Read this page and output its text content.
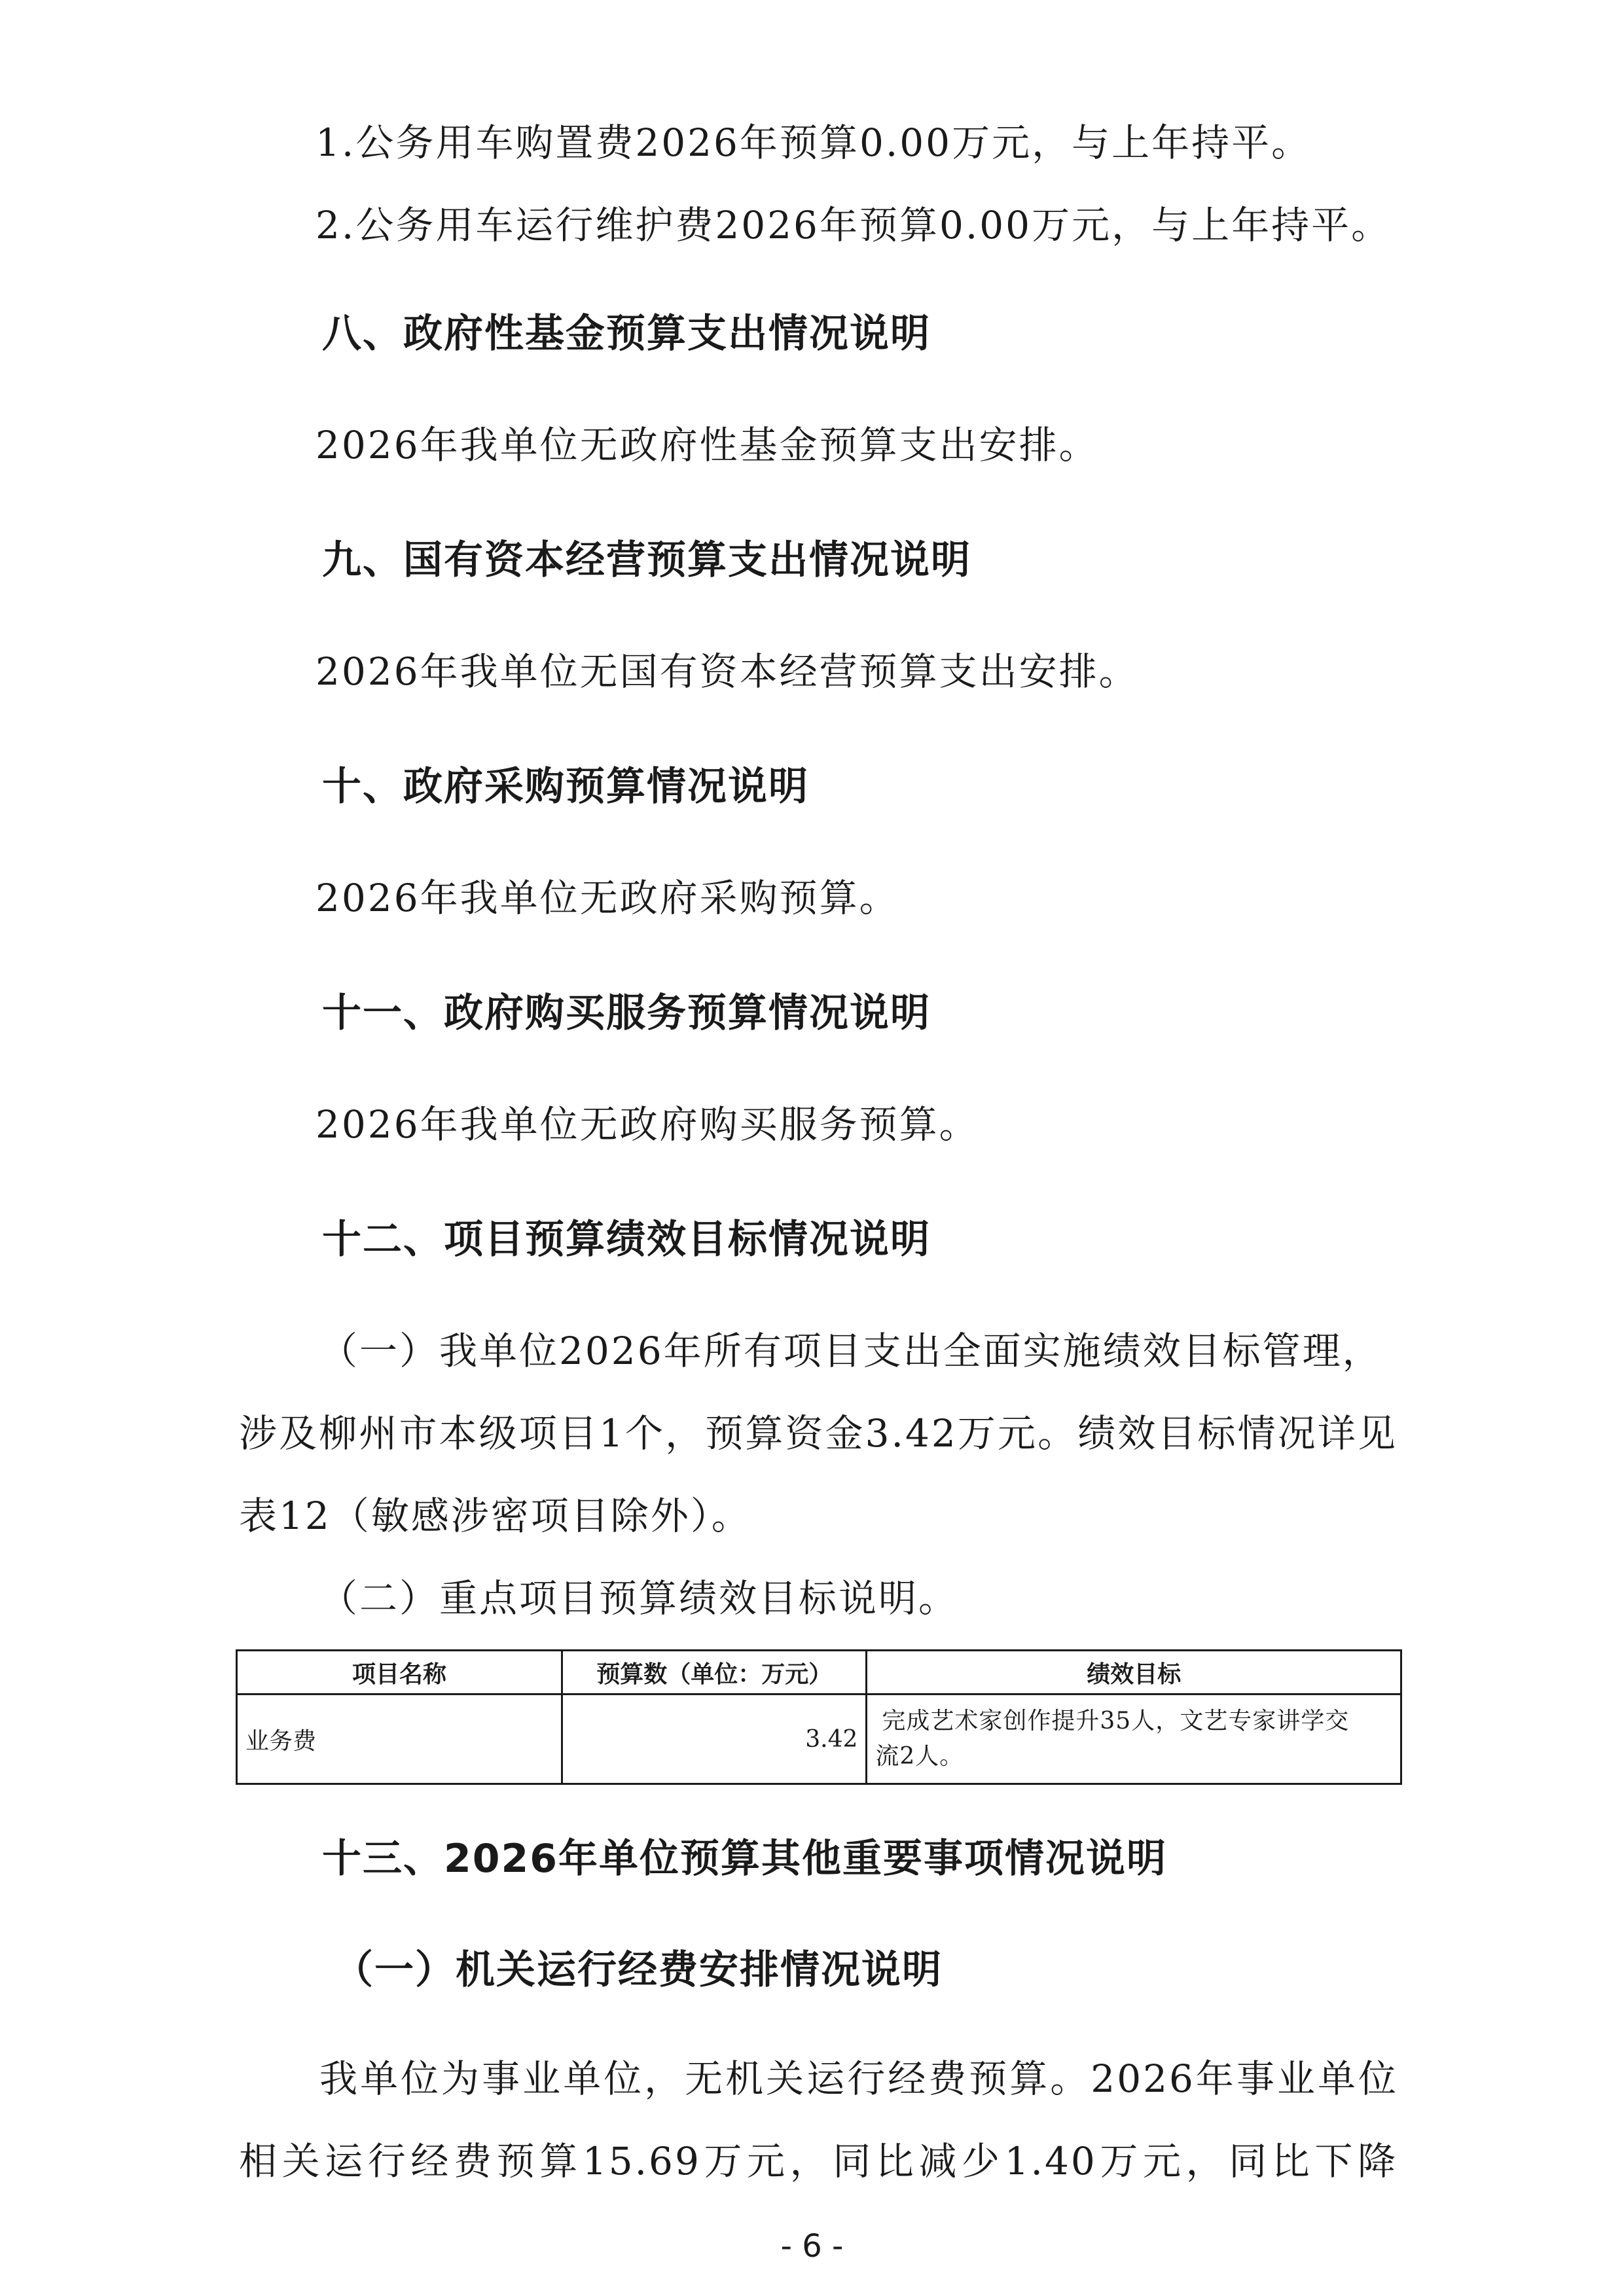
1.公务用车购置费2026年预算0.00万元，与上年持平。
2.公务用车运行维护费2026年预算0.00万元，与上年持平。
八、政府性基金预算支出情况说明
2026年我单位无政府性基金预算支出安排。
九、国有资本经营预算支出情况说明
2026年我单位无国有资本经营预算支出安排。
十、政府采购预算情况说明
2026年我单位无政府采购预算。
十一、政府购买服务预算情况说明
2026年我单位无政府购买服务预算。
十二、项目预算绩效目标情况说明
（一）我单位2026年所有项目支出全面实施绩效目标管理，
涉及柳州市本级项目1个，预算资金3.42万元。绩效目标情况详见
表12（敏感涉密项目除外）。
（二）重点项目预算绩效目标说明。
项目名称	预算数（单位：万元）	绩效目标
业务费	3.42	完成艺术家创作提升35人，文艺专家讲学交
流2人。
十三、2026年单位预算其他重要事项情况说明
（一）机关运行经费安排情况说明
我单位为事业单位，无机关运行经费预算。2026年事业单位
相关运行经费预算15.69万元，同比减少1.40万元，同比下降
- 6 -
